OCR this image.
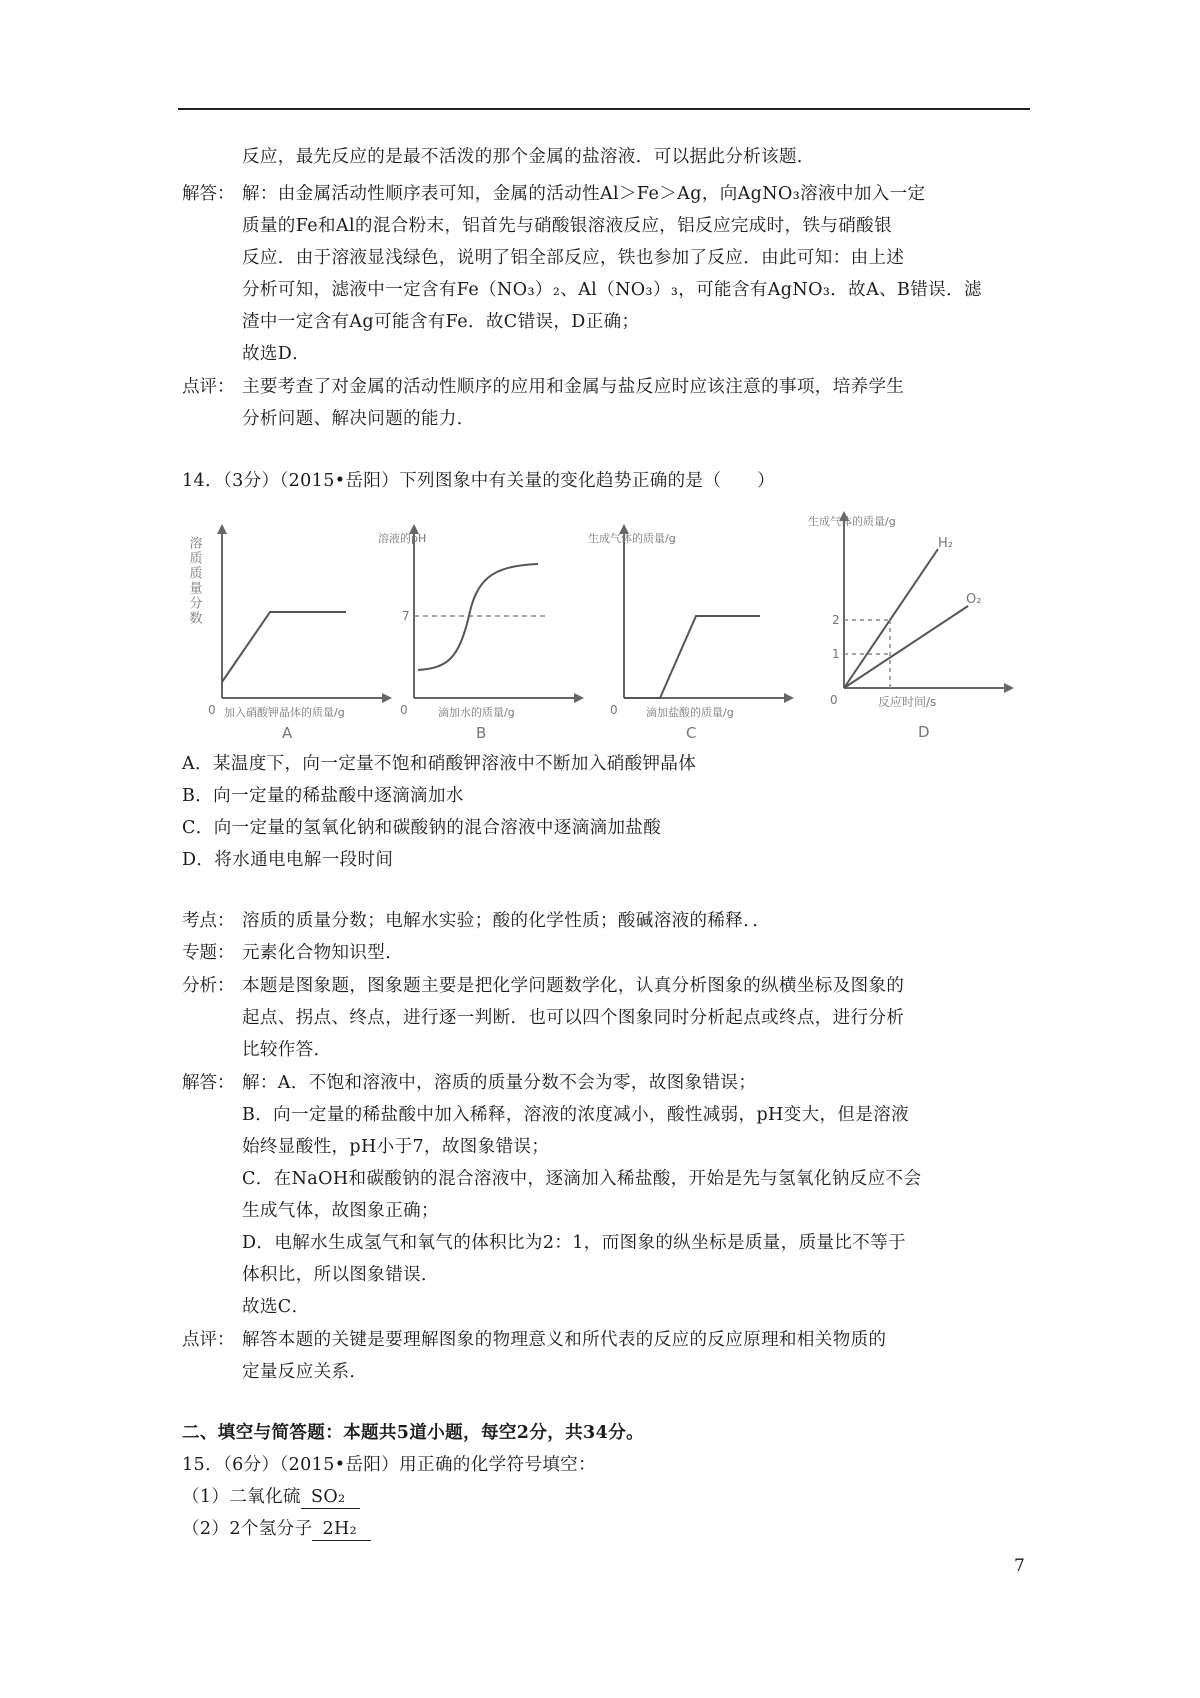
反应，最先反应的是最不活泼的那个金属的盐溶液．可以据此分析该题．
解答： 解：由金属活动性顺序表可知，金属的活动性Al＞Fe＞Ag，向AgNO₃溶液中加入一定
质量的Fe和Al的混合粉末，铝首先与硝酸银溶液反应，铝反应完成时，铁与硝酸银
反应．由于溶液显浅绿色，说明了铝全部反应，铁也参加了反应．由此可知：由上述
分析可知，滤液中一定含有Fe（NO₃）₂、Al（NO₃）₃，可能含有AgNO₃．故A、B错误．滤
渣中一定含有Ag可能含有Fe．故C错误，D正确；
故选D．
点评： 主要考查了对金属的活动性顺序的应用和金属与盐反应时应该注意的事项，培养学生
分析问题、解决问题的能力．
14．（3分）（2015•岳阳）下列图象中有关量的变化趋势正确的是（　　）
溶质质量分数
0 加入硝酸钾晶体的质量/g
A
溶液的pH
7
0	滴加水的质量/g
B
生成气体的质量/g
0	滴加盐酸的质量/g
C
生成气体的质量/g
2
1
H₂
O₂
0	反应时间/s
D
A．某温度下，向一定量不饱和硝酸钾溶液中不断加入硝酸钾晶体
B．向一定量的稀盐酸中逐滴滴加水
C．向一定量的氢氧化钠和碳酸钠的混合溶液中逐滴滴加盐酸
D．将水通电电解一段时间
考点： 溶质的质量分数；电解水实验；酸的化学性质；酸碱溶液的稀释．．
专题： 元素化合物知识型．
分析： 本题是图象题，图象题主要是把化学问题数学化，认真分析图象的纵横坐标及图象的
起点、拐点、终点，进行逐一判断．也可以四个图象同时分析起点或终点，进行分析
比较作答．
解答： 解：A．不饱和溶液中，溶质的质量分数不会为零，故图象错误；
B．向一定量的稀盐酸中加入稀释，溶液的浓度减小，酸性减弱，pH变大，但是溶液
始终显酸性，pH小于7，故图象错误；
C．在NaOH和碳酸钠的混合溶液中，逐滴加入稀盐酸，开始是先与氢氧化钠反应不会
生成气体，故图象正确；
D．电解水生成氢气和氧气的体积比为2：1，而图象的纵坐标是质量，质量比不等于
体积比，所以图象错误．
故选C．
点评： 解答本题的关键是要理解图象的物理意义和所代表的反应的反应原理和相关物质的
定量反应关系．
二、填空与简答题：本题共5道小题，每空2分，共34分。
15．（6分）（2015•岳阳）用正确的化学符号填空：
（1）二氧化硫 SO₂
（2）2个氢分子 2H₂
7
